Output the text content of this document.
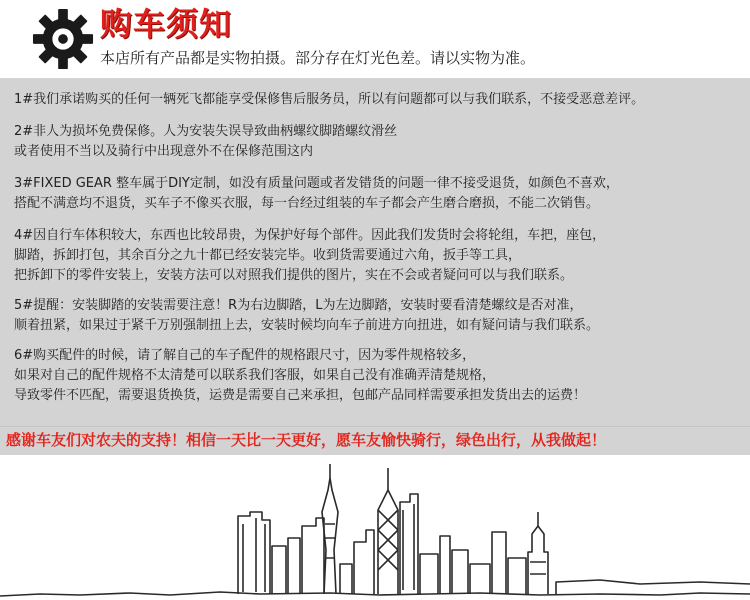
购车须知
本店所有产品都是实物拍摄。部分存在灯光色差。请以实物为准。
1#我们承诺购买的任何一辆死飞都能享受保修售后服务员，所以有问题都可以与我们联系，不接受恶意差评。
2#非人为损坏免费保修。人为安装失误导致曲柄螺纹脚踏螺纹滑丝
或者使用不当以及骑行中出现意外不在保修范围这内
3#FIXED GEAR 整车属于DIY定制，如没有质量问题或者发错货的问题一律不接受退货，如颜色不喜欢，
搭配不满意均不退货，买车子不像买衣服，每一台经过组装的车子都会产生磨合磨损，不能二次销售。
4#因自行车体积较大，东西也比较昂贵，为保护好每个部件。因此我们发货时会将轮组，车把，座包，
脚踏，拆卸打包，其余百分之九十都已经安装完毕。收到货需要通过六角，扳手等工具，
把拆卸下的零件安装上，安装方法可以对照我们提供的图片，实在不会或者疑问可以与我们联系。
5#提醒：安装脚踏的安装需要注意！R为右边脚踏，L为左边脚踏，安装时要看清楚螺纹是否对准，
顺着扭紧，如果过于紧千万别强制扭上去，安装时候均向车子前进方向扭进，如有疑问请与我们联系。
6#购买配件的时候，请了解自己的车子配件的规格跟尺寸，因为零件规格较多，
如果对自己的配件规格不太清楚可以联系我们客服，如果自己没有准确弄清楚规格，
导致零件不匹配，需要退货换货，运费是需要自己来承担，包邮产品同样需要承担发货出去的运费！
感谢车友们对农夫的支持！相信一天比一天更好，愿车友愉快骑行，绿色出行，从我做起！
